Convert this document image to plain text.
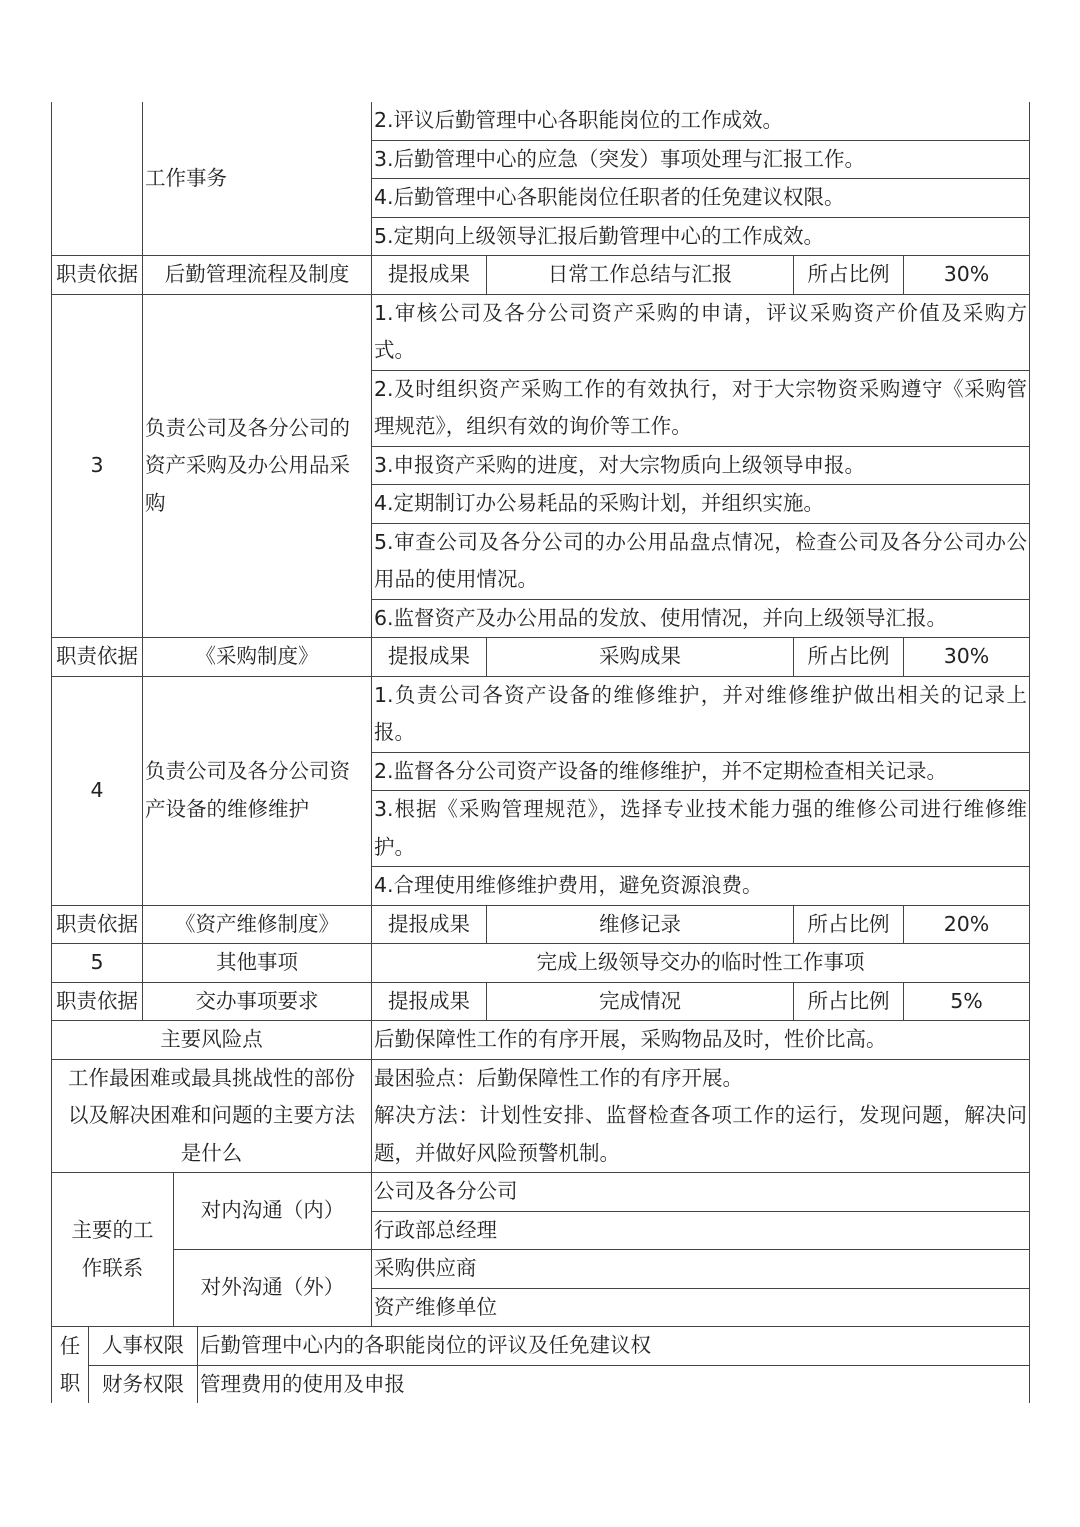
	工作事务	2.评议后勤管理中心各职能岗位的工作成效。			
		3.后勤管理中心的应急（突发）事项处理与汇报工作。			
		4.后勤管理中心各职能岗位任职者的任免建议权限。			
		5.定期向上级领导汇报后勤管理中心的工作成效。			
职责依据	后勤管理流程及制度	提报成果	日常工作总结与汇报	所占比例	30%
3	负责公司及各分公司的资产采购及办公用品采购	1.审核公司及各分公司资产采购的申请，评议采购资产价值及采购方式。			
		2.及时组织资产采购工作的有效执行，对于大宗物资采购遵守《采购管理规范》，组织有效的询价等工作。			
		3.申报资产采购的进度，对大宗物质向上级领导申报。			
		4.定期制订办公易耗品的采购计划，并组织实施。			
		5.审查公司及各分公司的办公用品盘点情况，检查公司及各分公司办公用品的使用情况。			
		6.监督资产及办公用品的发放、使用情况，并向上级领导汇报。			
职责依据	《采购制度》	提报成果	采购成果	所占比例	30%
4	负责公司及各分公司资产设备的维修维护	1.负责公司各资产设备的维修维护，并对维修维护做出相关的记录上报。			
		2.监督各分公司资产设备的维修维护，并不定期检查相关记录。			
		3.根据《采购管理规范》，选择专业技术能力强的维修公司进行维修维护。			
		4.合理使用维修维护费用，避免资源浪费。			
职责依据	《资产维修制度》	提报成果	维修记录	所占比例	20%
5	其他事项	完成上级领导交办的临时性工作事项			
职责依据	交办事项要求	提报成果	完成情况	所占比例	5%
主要风险点		后勤保障性工作的有序开展，采购物品及时，性价比高。			
工作最困难或最具挑战性的部份以及解决困难和问题的主要方法是什么		最困验点：后勤保障性工作的有序开展。
解决方法：计划性安排、监督检查各项工作的运行，发现问题，解决问题，并做好风险预警机制。			
主要的工作联系	对内沟通（内）	公司及各分公司
		行政部总经理
	对外沟通（外）	采购供应商
		资产维修单位
任职	人事权限	后勤管理中心内的各职能岗位的评议及任免建议权
	财务权限	管理费用的使用及申报
